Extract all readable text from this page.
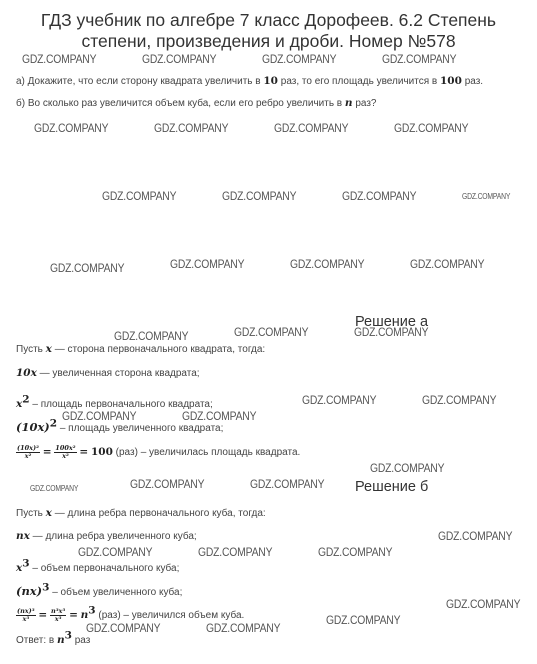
ГДЗ учебник по алгебре 7 класс Дорофеев. 6.2 Степень степени, произведения и дроби. Номер №578
а) Докажите, что если сторону квадрата увеличить в 10 раз, то его площадь увеличится в 100 раз.
б) Во сколько раз увеличится объем куба, если его ребро увеличить в n раз?
Решение а
Пусть x — сторона первоначального квадрата, тогда:
10x — увеличенная сторона квадрата;
$x^2$ – площадь первоначального квадрата;
$(10x)^2$ – площадь увеличенного квадрата;
$\frac{\text{(10x)²}}{\text{x²}} = \frac{\text{100x²}}{\text{x²}} = 100$ (раз) – увеличилась площадь квадрата.
Решение б
Пусть x — длина ребра первоначального куба, тогда:
nx — длина ребра увеличенного куба;
$x^3$ – объем первоначального куба;
(nx)$^3$ – объем увеличенного куба;
$\frac{\text{(nx)³}}{\text{x³}} = \frac{\text{n³x³}}{\text{x³}} = n^3$ (раз) – увеличился объем куба.
Ответ: в $n^3$ раз
GDZ.COMPANY	GDZ.COMPANY	GDZ.COMPANY	GDZ.COMPANY
GDZ.COMPANY	GDZ.COMPANY	GDZ.COMPANY	GDZ.COMPANY
GDZ.COMPANY	GDZ.COMPANY	GDZ.COMPANY	GDZ.COMPANY
GDZ.COMPANY	GDZ.COMPANY	GDZ.COMPANY	GDZ.COMPANY
GDZ.COMPANY	GDZ.COMPANY	GDZ.COMPANY
GDZ.COMPANY	GDZ.COMPANY
GDZ.COMPANY	GDZ.COMPANY
GDZ.COMPANY
GDZ.COMPANY	GDZ.COMPANY	GDZ.COMPANY
GDZ.COMPANY
GDZ.COMPANY	GDZ.COMPANY	GDZ.COMPANY
GDZ.COMPANY
GDZ.COMPANY
GDZ.COMPANY	GDZ.COMPANY
